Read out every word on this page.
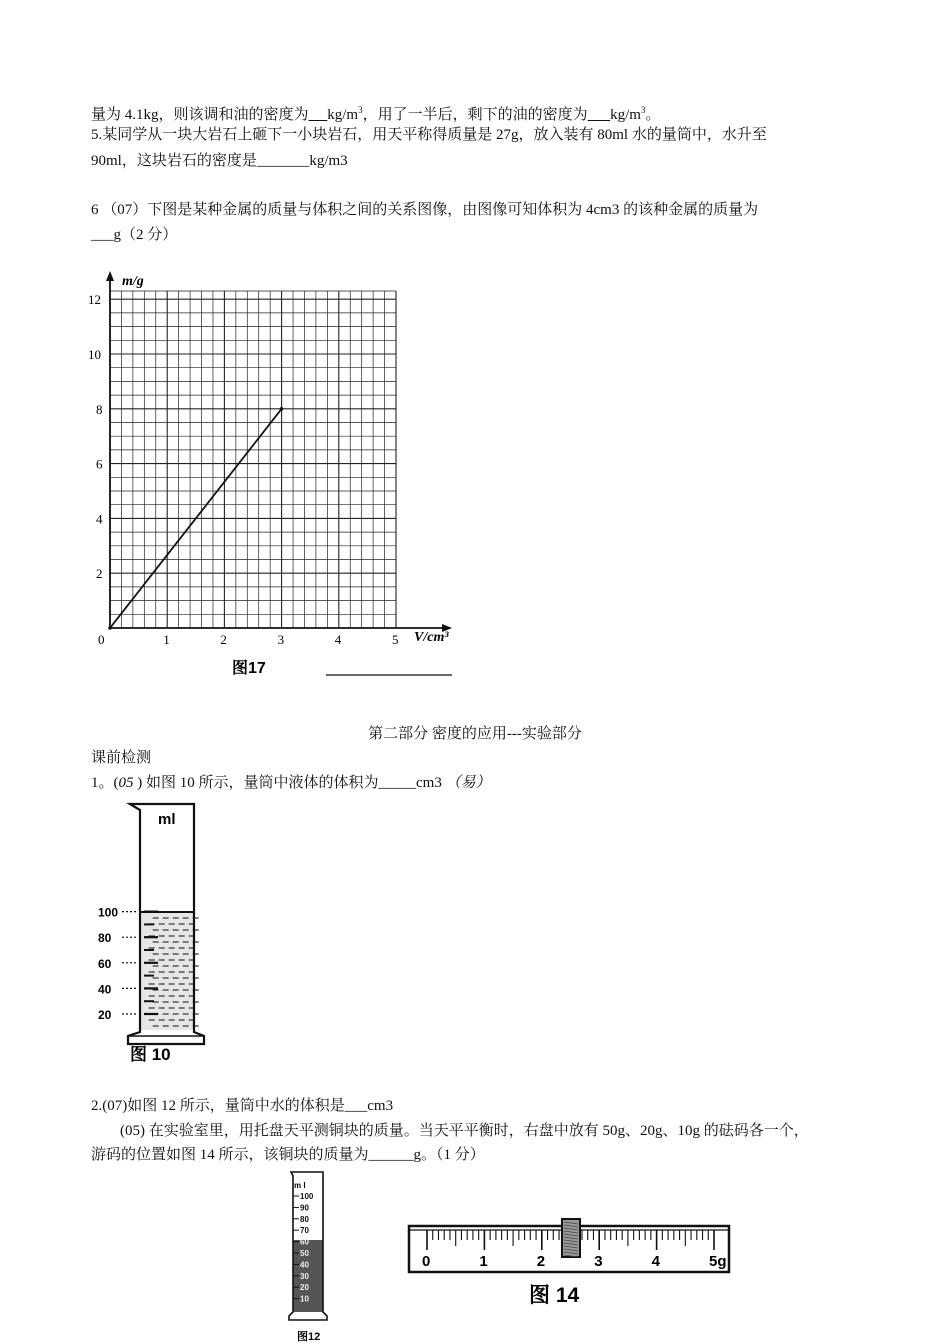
量为 4.1kg，则该调和油的密度为 $kg/m^3$，用了一半后，剩下的油的密度为 $kg/m^3$。
5.某同学从一块大岩石上砸下一小块岩石，用天平称得质量是 27g，放入装有 80ml 水的量筒中，水升至
90ml，这块岩石的密度是_______kg/m3
6 （07）下图是某种金属的质量与体积之间的关系图像，由图像可知体积为 4cm3 的该种金属的质量为
___g（2 分）
0	1	2	3	4	5
2
4
6
8
10
12
m/g
V/cm³
图17
第二部分 密度的应用---实验部分
课前检测
1。(05 ) 如图 10 所示，量筒中液体的体积为_____cm3 （易）
ml
100
80
60
40
20
图 10
2.(07)如图 12 所示，量筒中水的体积是___cm3
(05) 在实验室里，用托盘天平测铜块的质量。当天平平衡时，右盘中放有 50g、20g、10g 的砝码各一个，
游码的位置如图 14 所示，该铜块的质量为______g。（1 分）
m l
100
90
80
70
60
50
40
30
20
10
图12
0	1	2	3	4	5g
图 14
